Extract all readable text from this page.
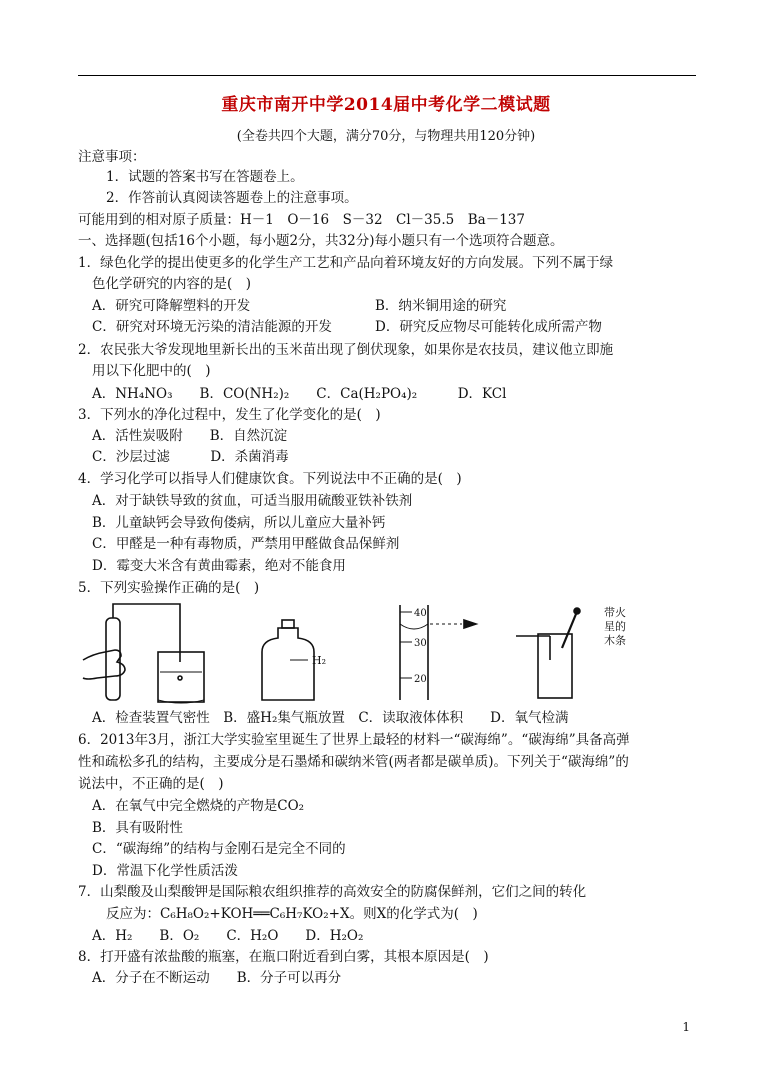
重庆市南开中学2014届中考化学二模试题
(全卷共四个大题，满分70分，与物理共用120分钟)
注意事项：
1．试题的答案书写在答题卷上。
2．作答前认真阅读答题卷上的注意事项。
可能用到的相对原子质量：H－1　O－16　S－32　Cl－35.5　Ba－137
一、选择题(包括16个小题，每小题2分，共32分)每小题只有一个选项符合题意。
1．绿色化学的提出使更多的化学生产工艺和产品向着环境友好的方向发展。下列不属于绿
色化学研究的内容的是(　)
A．研究可降解塑料的开发	B．纳米铜用途的研究
C．研究对环境无污染的清洁能源的开发	D．研究反应物尽可能转化成所需产物
2．农民张大爷发现地里新长出的玉米苗出现了倒伏现象，如果你是农技员，建议他立即施
用以下化肥中的(　)
A．NH₄NO₃　　B．CO(NH₂)₂　　C．Ca(H₂PO₄)₂　　　D．KCl
3．下列水的净化过程中，发生了化学变化的是(　)
A．活性炭吸附　　B．自然沉淀
C．沙层过滤　　　D．杀菌消毒
4．学习化学可以指导人们健康饮食。下列说法中不正确的是(　)
A．对于缺铁导致的贫血，可适当服用硫酸亚铁补铁剂
B．儿童缺钙会导致佝偻病，所以儿童应大量补钙
C．甲醛是一种有毒物质，严禁用甲醛做食品保鲜剂
D．霉变大米含有黄曲霉素，绝对不能食用
5．下列实验操作正确的是(　)
H₂
40
30
20
带火
星的
木条
A．检查装置气密性　B．盛H₂集气瓶放置　C．读取液体体积　　D．氧气检满
6．2013年3月，浙江大学实验室里诞生了世界上最轻的材料一“碳海绵”。“碳海绵”具备高弹
性和疏松多孔的结构，主要成分是石墨烯和碳纳米管(两者都是碳单质)。下列关于“碳海绵”的
说法中，不正确的是(　)
A．在氧气中完全燃烧的产物是CO₂
B．具有吸附性
C．“碳海绵”的结构与金刚石是完全不同的
D．常温下化学性质活泼
7．山梨酸及山梨酸钾是国际粮农组织推荐的高效安全的防腐保鲜剂，它们之间的转化
反应为：C₆H₈O₂+KOH══C₆H₇KO₂+X。则X的化学式为(　)
A．H₂　　B．O₂　　C．H₂O　　D．H₂O₂
8．打开盛有浓盐酸的瓶塞，在瓶口附近看到白雾，其根本原因是(　)
A．分子在不断运动　　B．分子可以再分
1
